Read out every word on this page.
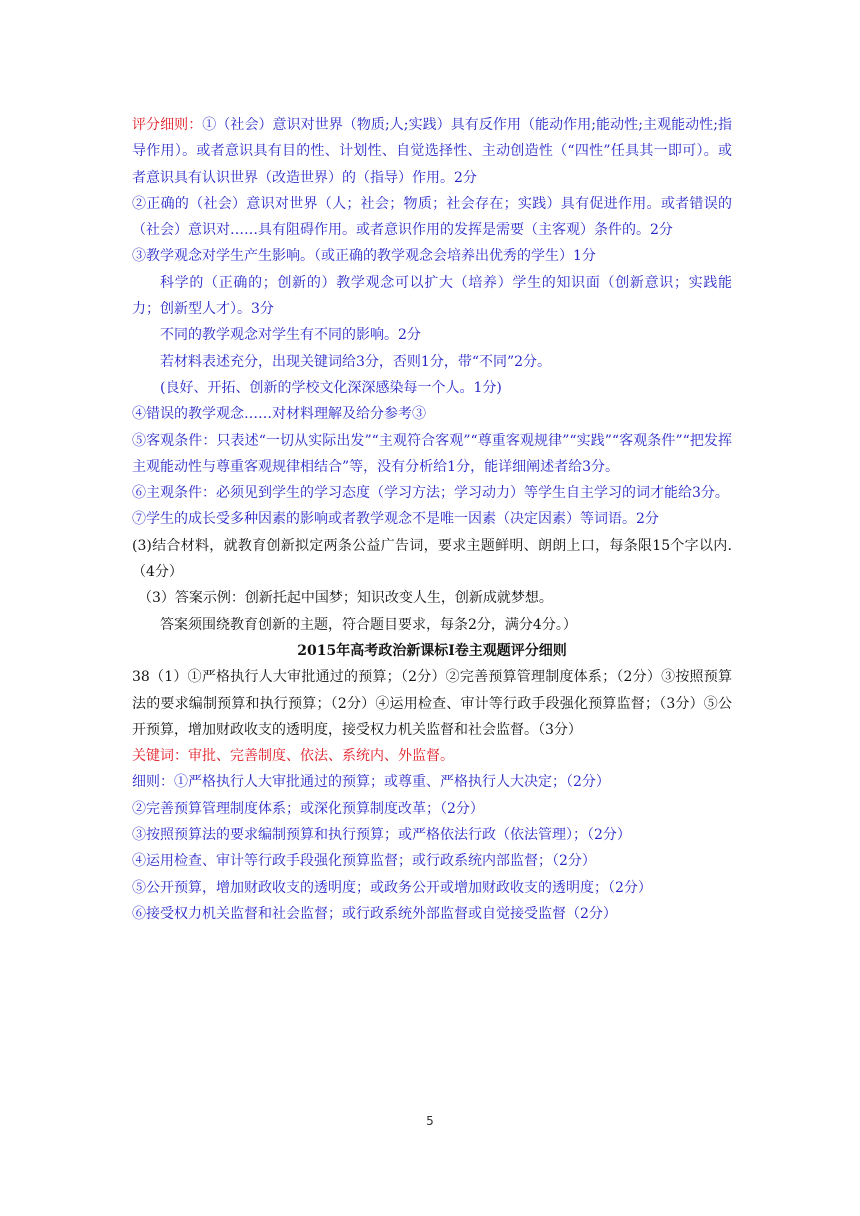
评分细则：①（社会）意识对世界（物质;人;实践）具有反作用（能动作用;能动性;主观能动性;指导作用）。或者意识具有目的性、计划性、自觉选择性、主动创造性（“四性”任具其一即可）。或者意识具有认识世界（改造世界）的（指导）作用。2分

②正确的（社会）意识对世界（人；社会；物质；社会存在；实践）具有促进作用。或者错误的（社会）意识对……具有阻碍作用。或者意识作用的发挥是需要（主客观）条件的。2分

③教学观念对学生产生影响。（或正确的教学观念会培养出优秀的学生）1分

科学的（正确的；创新的）教学观念可以扩大（培养）学生的知识面（创新意识；实践能力；创新型人才）。3分

不同的教学观念对学生有不同的影响。2分

若材料表述充分，出现关键词给3分，否则1分，带“不同”2分。

(良好、开拓、创新的学校文化深深感染每一个人。1分)

④错误的教学观念……对材料理解及给分参考③

⑤客观条件：只表述“一切从实际出发”“主观符合客观”“尊重客观规律”“实践”“客观条件”“把发挥主观能动性与尊重客观规律相结合”等，没有分析给1分，能详细阐述者给3分。

⑥主观条件：必须见到学生的学习态度（学习方法；学习动力）等学生自主学习的词才能给3分。

⑦学生的成长受多种因素的影响或者教学观念不是唯一因素（决定因素）等词语。2分

(3)结合材料，就教育创新拟定两条公益广告词，要求主题鲜明、朗朗上口，每条限15个字以内.（4分）

（3）答案示例：创新托起中国梦；知识改变人生，创新成就梦想。

答案须围绕教育创新的主题，符合题目要求，每条2分，满分4分。）

2015年高考政治新课标Ⅰ卷主观题评分细则

38（1）①严格执行人大审批通过的预算；（2分）②完善预算管理制度体系；（2分）③按照预算法的要求编制预算和执行预算；（2分）④运用检查、审计等行政手段强化预算监督；（3分）⑤公开预算，增加财政收支的透明度，接受权力机关监督和社会监督。（3分）

关键词：审批、完善制度、依法、系统内、外监督。

细则：①严格执行人大审批通过的预算；或尊重、严格执行人大决定；（2分）

②完善预算管理制度体系；或深化预算制度改革；（2分）

③按照预算法的要求编制预算和执行预算；或严格依法行政（依法管理）；（2分）

④运用检查、审计等行政手段强化预算监督；或行政系统内部监督；（2分）

⑤公开预算，增加财政收支的透明度；或政务公开或增加财政收支的透明度；（2分）

⑥接受权力机关监督和社会监督；或行政系统外部监督或自觉接受监督（2分）

5
